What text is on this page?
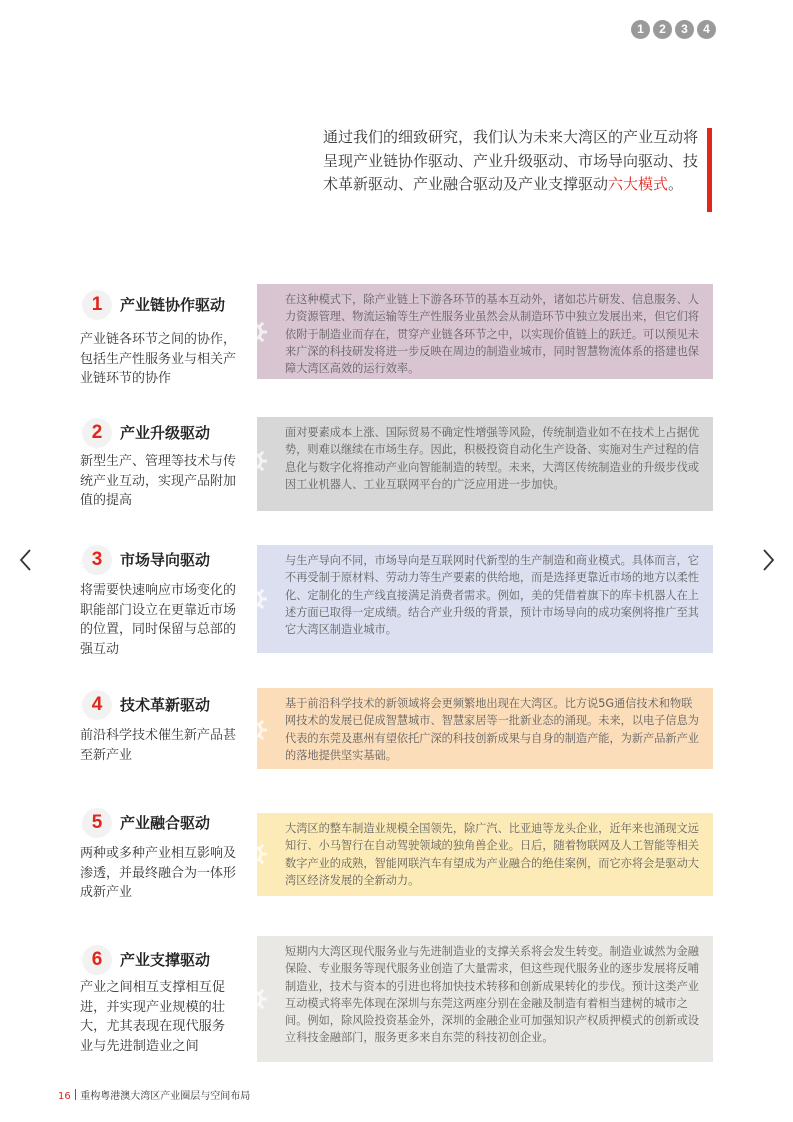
1	2	3	4
通过我们的细致研究，我们认为未来大湾区的产业互动将呈现产业链协作驱动、产业升级驱动、市场导向驱动、技术革新驱动、产业融合驱动及产业支撑驱动六大模式。
1	产业链协作驱动
产业链各环节之间的协作，包括生产性服务业与相关产业链环节的协作

在这种模式下，除产业链上下游各环节的基本互动外，诸如芯片研发、信息服务、人力资源管理、物流运输等生产性服务业虽然会从制造环节中独立发展出来，但它们将依附于制造业而存在，贯穿产业链各环节之中，以实现价值链上的跃迁。可以预见未来广深的科技研发将进一步反映在周边的制造业城市，同时智慧物流体系的搭建也保障大湾区高效的运行效率。

2	产业升级驱动
新型生产、管理等技术与传统产业互动，实现产品附加值的提高

面对要素成本上涨、国际贸易不确定性增强等风险，传统制造业如不在技术上占据优势，则难以继续在市场生存。因此，积极投资自动化生产设备、实施对生产过程的信息化与数字化将推动产业向智能制造的转型。未来，大湾区传统制造业的升级步伐或因工业机器人、工业互联网平台的广泛应用进一步加快。

3	市场导向驱动
将需要快速响应市场变化的职能部门设立在更靠近市场的位置，同时保留与总部的强互动

与生产导向不同，市场导向是互联网时代新型的生产制造和商业模式。具体而言，它不再受制于原材料、劳动力等生产要素的供给地，而是选择更靠近市场的地方以柔性化、定制化的生产线直接满足消费者需求。例如，美的凭借着旗下的库卡机器人在上述方面已取得一定成绩。结合产业升级的背景，预计市场导向的成功案例将推广至其它大湾区制造业城市。

4	技术革新驱动
前沿科学技术催生新产品甚至新产业

基于前沿科学技术的新领域将会更频繁地出现在大湾区。比方说5G通信技术和物联网技术的发展已促成智慧城市、智慧家居等一批新业态的涌现。未来，以电子信息为代表的东莞及惠州有望依托广深的科技创新成果与自身的制造产能，为新产品新产业的落地提供坚实基础。

5	产业融合驱动
两种或多种产业相互影响及渗透，并最终融合为一体形成新产业

大湾区的整车制造业规模全国领先，除广汽、比亚迪等龙头企业，近年来也涌现文远知行、小马智行在自动驾驶领域的独角兽企业。日后，随着物联网及人工智能等相关数字产业的成熟，智能网联汽车有望成为产业融合的绝佳案例，而它亦将会是驱动大湾区经济发展的全新动力。

6	产业支撑驱动
产业之间相互支撑相互促进，并实现产业规模的壮大，尤其表现在现代服务业与先进制造业之间

短期内大湾区现代服务业与先进制造业的支撑关系将会发生转变。制造业诚然为金融保险、专业服务等现代服务业创造了大量需求，但这些现代服务业的逐步发展将反哺制造业，技术与资本的引进也将加快技术转移和创新成果转化的步伐。预计这类产业互动模式将率先体现在深圳与东莞这两座分别在金融及制造有着相当建树的城市之间。例如，除风险投资基金外，深圳的金融企业可加强知识产权质押模式的创新或设立科技金融部门，服务更多来自东莞的科技初创企业。

16 重构粤港澳大湾区产业圈层与空间布局
